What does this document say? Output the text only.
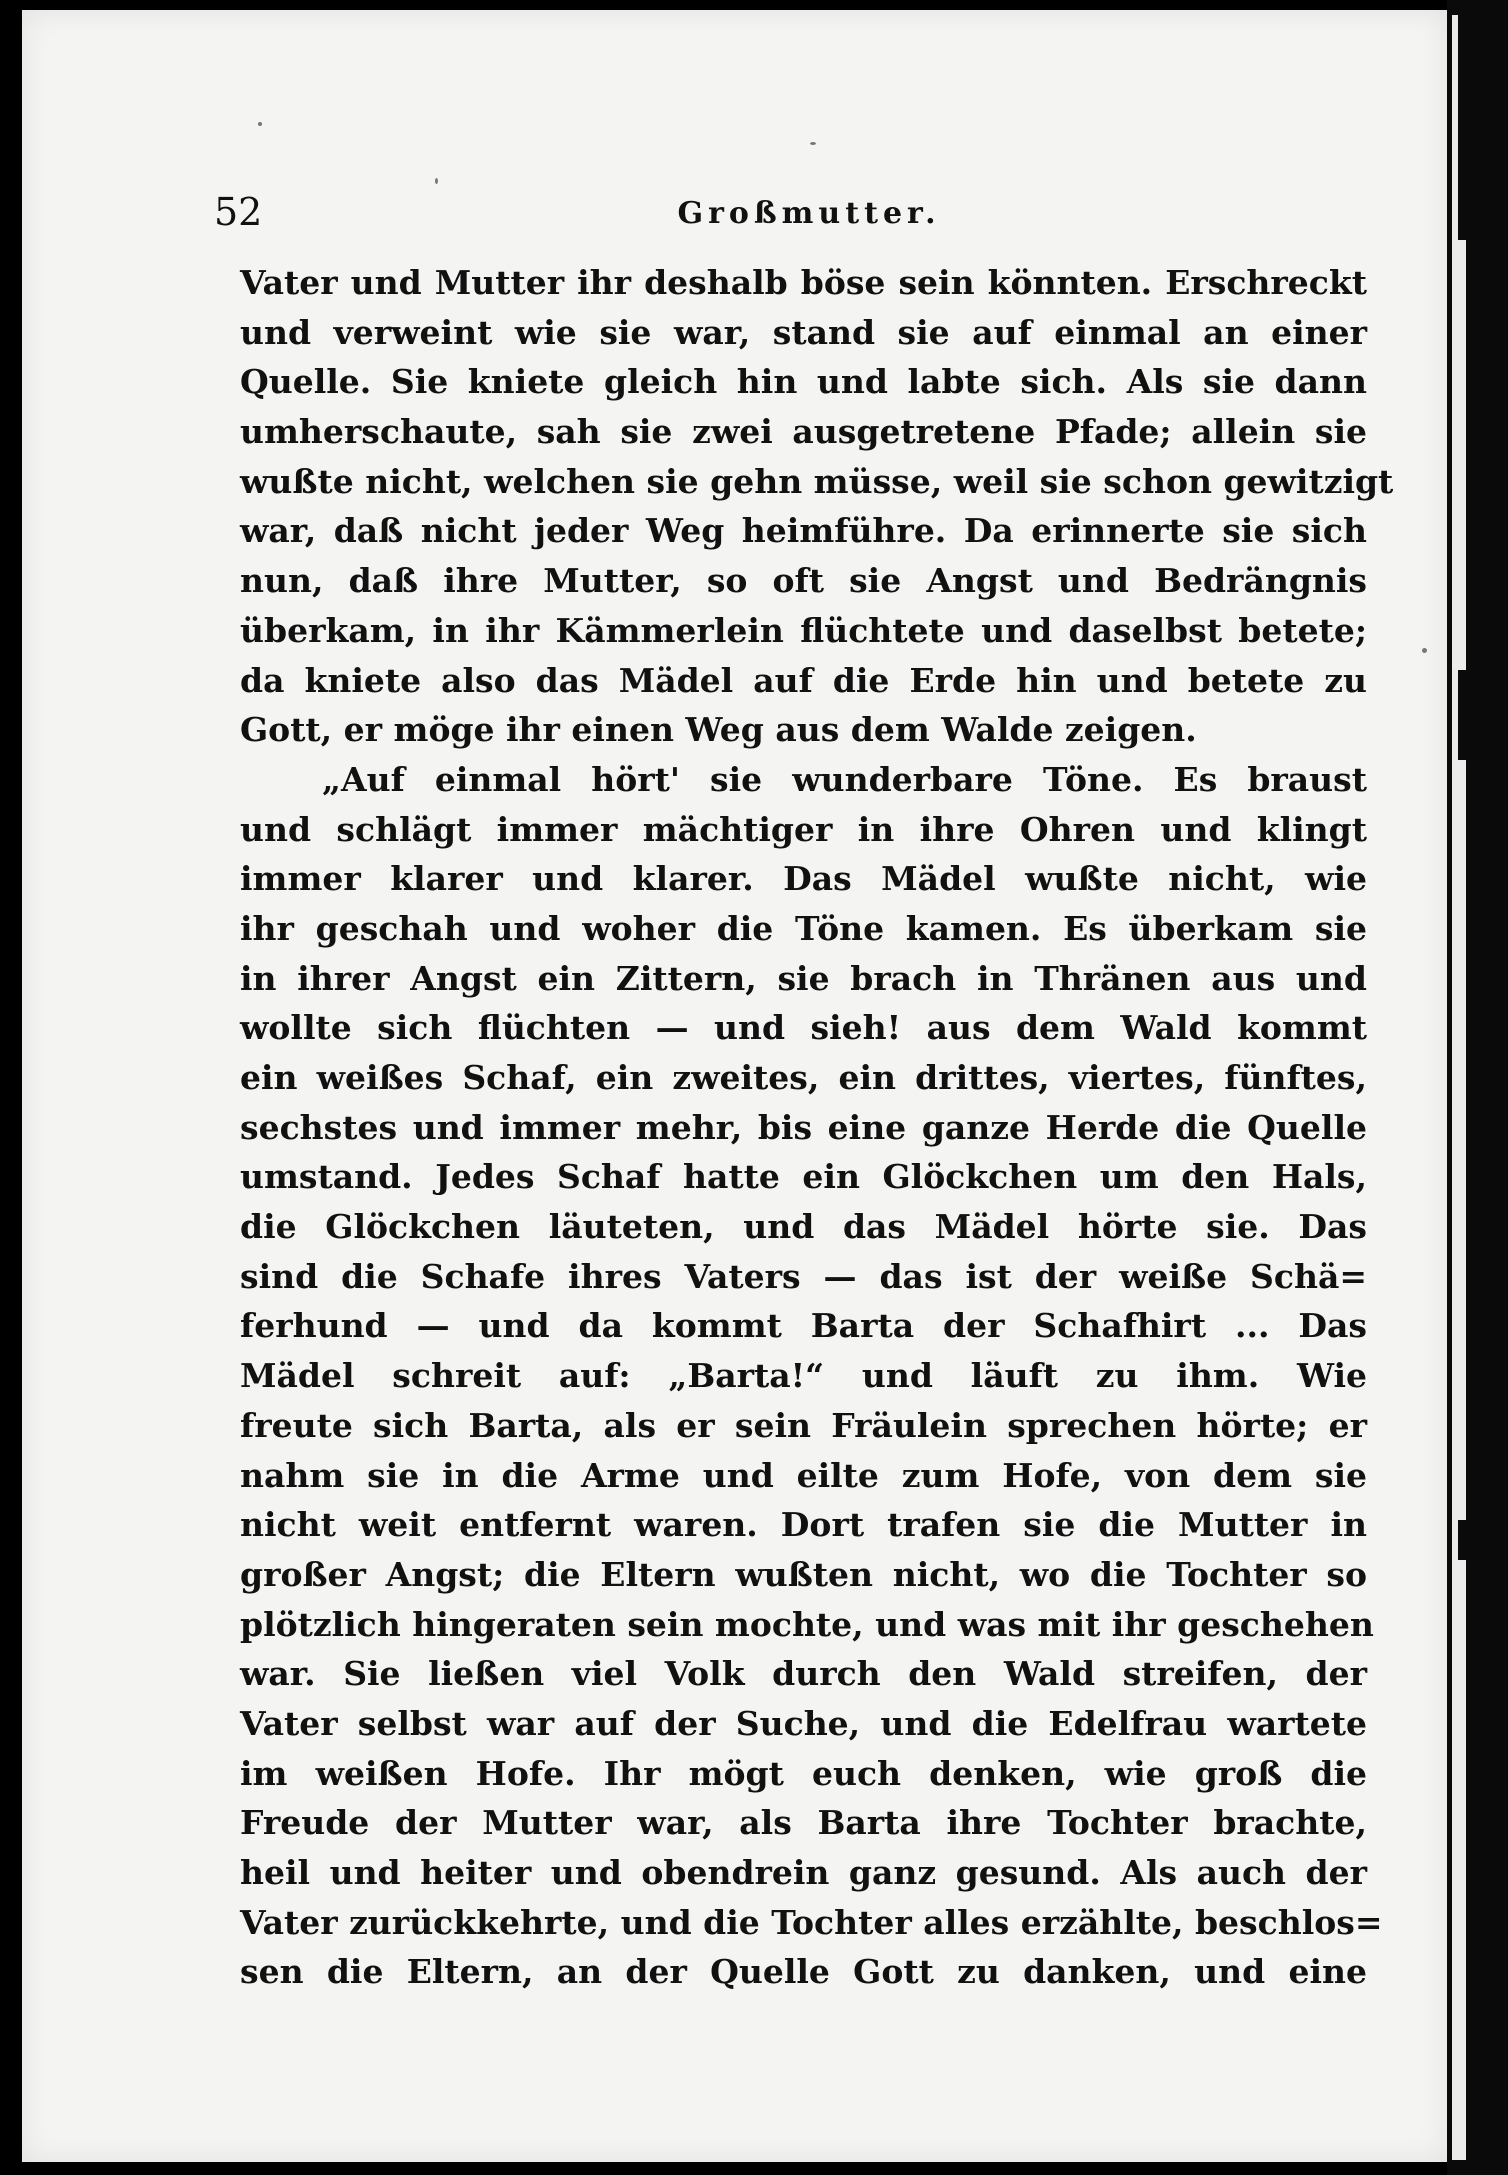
52	Großmutter.
Vater und Mutter ihr deshalb böse sein könnten. Erschreckt
und verweint wie sie war, stand sie auf einmal an einer
Quelle. Sie kniete gleich hin und labte sich. Als sie dann
umherschaute, sah sie zwei ausgetretene Pfade; allein sie
wußte nicht, welchen sie gehn müsse, weil sie schon gewitzigt
war, daß nicht jeder Weg heimführe. Da erinnerte sie sich
nun, daß ihre Mutter, so oft sie Angst und Bedrängnis
überkam, in ihr Kämmerlein flüchtete und daselbst betete;
da kniete also das Mädel auf die Erde hin und betete zu
Gott, er möge ihr einen Weg aus dem Walde zeigen.
„Auf einmal hört' sie wunderbare Töne. Es braust
und schlägt immer mächtiger in ihre Ohren und klingt
immer klarer und klarer. Das Mädel wußte nicht, wie
ihr geschah und woher die Töne kamen. Es überkam sie
in ihrer Angst ein Zittern, sie brach in Thränen aus und
wollte sich flüchten — und sieh! aus dem Wald kommt
ein weißes Schaf, ein zweites, ein drittes, viertes, fünftes,
sechstes und immer mehr, bis eine ganze Herde die Quelle
umstand. Jedes Schaf hatte ein Glöckchen um den Hals,
die Glöckchen läuteten, und das Mädel hörte sie. Das
sind die Schafe ihres Vaters — das ist der weiße Schä=
ferhund — und da kommt Barta der Schafhirt ... Das
Mädel schreit auf: „Barta!“ und läuft zu ihm. Wie
freute sich Barta, als er sein Fräulein sprechen hörte; er
nahm sie in die Arme und eilte zum Hofe, von dem sie
nicht weit entfernt waren. Dort trafen sie die Mutter in
großer Angst; die Eltern wußten nicht, wo die Tochter so
plötzlich hingeraten sein mochte, und was mit ihr geschehen
war. Sie ließen viel Volk durch den Wald streifen, der
Vater selbst war auf der Suche, und die Edelfrau wartete
im weißen Hofe. Ihr mögt euch denken, wie groß die
Freude der Mutter war, als Barta ihre Tochter brachte,
heil und heiter und obendrein ganz gesund. Als auch der
Vater zurückkehrte, und die Tochter alles erzählte, beschlos=
sen die Eltern, an der Quelle Gott zu danken, und eine
